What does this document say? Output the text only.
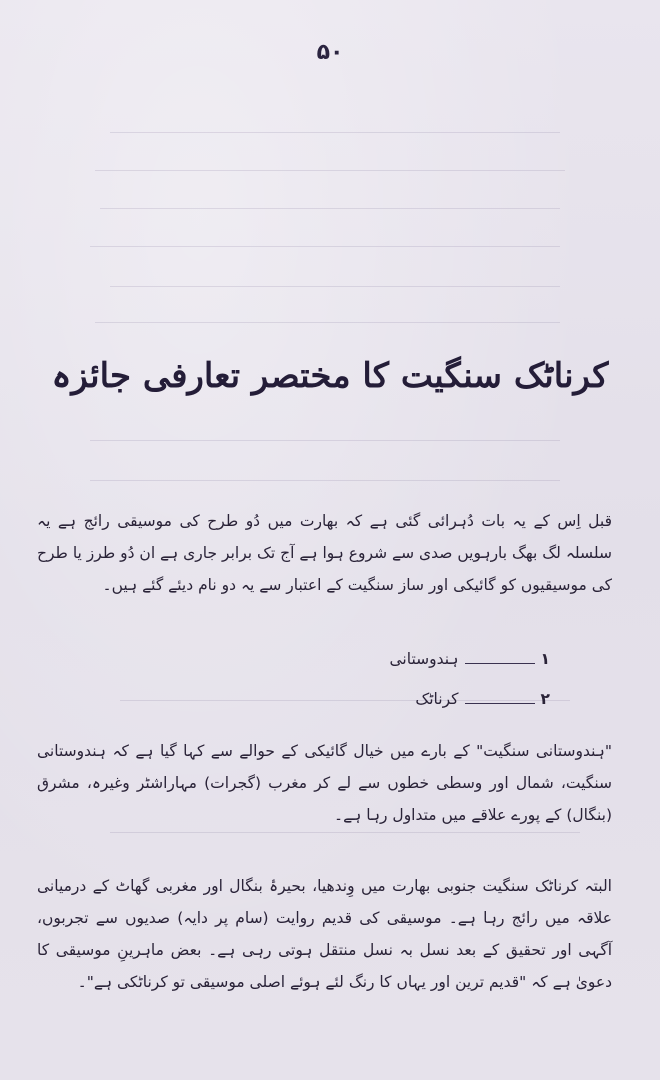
۵۰
کرناٹک سنگیت کا مختصر تعارفی جائزہ

قبل اِس کے یہ بات دُہرائی گئی ہے کہ بھارت میں دُو طرح کی موسیقی رائج ہے یہ سلسلہ لگ بھگ بارہویں صدی سے شروع ہوا ہے آج تک برابر جاری ہے ان دُو طرز یا طرح کی موسیقیوں کو گائیکی اور ساز سنگیت کے اعتبار سے یہ دو نام دیئے گئے ہیں۔

۱
ہندوستانی
۲
کرناٹک

"ہندوستانی سنگیت" کے بارے میں خیال گائیکی کے حوالے سے کہا گیا ہے کہ ہندوستانی سنگیت، شمال اور وسطی خطوں سے لے کر مغرب (گجرات) مہاراشٹر وغیرہ، مشرق (بنگال) کے پورے علاقے میں متداول رہا ہے۔

البتہ کرناٹک سنگیت جنوبی بھارت میں وِندھیا، بحیرۂ بنگال اور مغربی گھاٹ کے درمیانی علاقہ میں رائج رہا ہے۔ موسیقی کی قدیم روایت (سام پر دایہ) صدیوں سے تجربوں، آگہی اور تحقیق کے بعد نسل بہ نسل منتقل ہوتی رہی ہے۔ بعض ماہرینِ موسیقی کا دعویٰ ہے کہ "قدیم ترین اور یہاں کا رنگ لئے ہوئے اصلی موسیقی تو کرناٹکی ہے"۔
